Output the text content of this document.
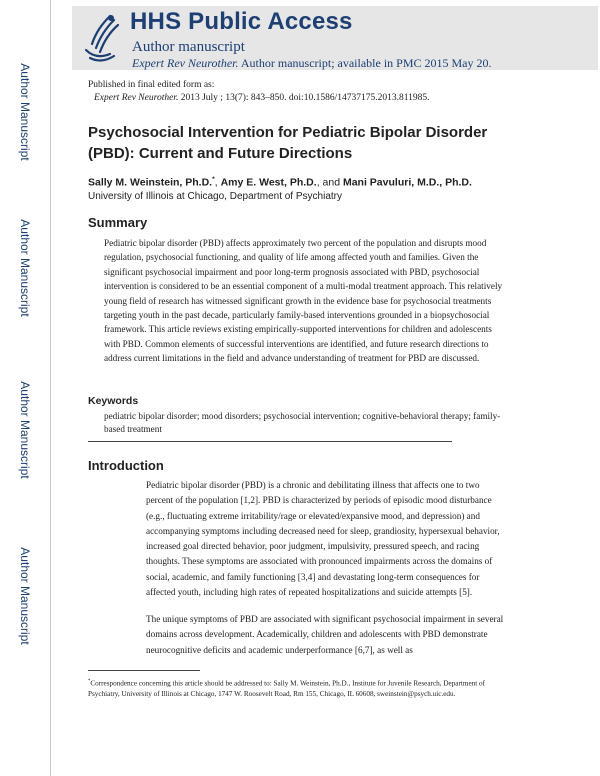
Author Manuscript
Author Manuscript
Author Manuscript
Author Manuscript
HHS Public Access
Author manuscript
Expert Rev Neurother. Author manuscript; available in PMC 2015 May 20.
Published in final edited form as:
Expert Rev Neurother. 2013 July ; 13(7): 843–850. doi:10.1586/14737175.2013.811985.
Psychosocial Intervention for Pediatric Bipolar Disorder (PBD): Current and Future Directions
Sally M. Weinstein, Ph.D.*, Amy E. West, Ph.D., and Mani Pavuluri, M.D., Ph.D.
University of Illinois at Chicago, Department of Psychiatry
Summary
Pediatric bipolar disorder (PBD) affects approximately two percent of the population and disrupts mood regulation, psychosocial functioning, and quality of life among affected youth and families. Given the significant psychosocial impairment and poor long-term prognosis associated with PBD, psychosocial intervention is considered to be an essential component of a multi-modal treatment approach. This relatively young field of research has witnessed significant growth in the evidence base for psychosocial treatments targeting youth in the past decade, particularly family-based interventions grounded in a biopsychosocial framework. This article reviews existing empirically-supported interventions for children and adolescents with PBD. Common elements of successful interventions are identified, and future research directions to address current limitations in the field and advance understanding of treatment for PBD are discussed.
Keywords
pediatric bipolar disorder; mood disorders; psychosocial intervention; cognitive-behavioral therapy; family-based treatment
Introduction
Pediatric bipolar disorder (PBD) is a chronic and debilitating illness that affects one to two percent of the population [1,2]. PBD is characterized by periods of episodic mood disturbance (e.g., fluctuating extreme irritability/rage or elevated/expansive mood, and depression) and accompanying symptoms including decreased need for sleep, grandiosity, hypersexual behavior, increased goal directed behavior, poor judgment, impulsivity, pressured speech, and racing thoughts. These symptoms are associated with pronounced impairments across the domains of social, academic, and family functioning [3,4] and devastating long-term consequences for affected youth, including high rates of repeated hospitalizations and suicide attempts [5].
The unique symptoms of PBD are associated with significant psychosocial impairment in several domains across development. Academically, children and adolescents with PBD demonstrate neurocognitive deficits and academic underperformance [6,7], as well as
*Correspondence concerning this article should be addressed to: Sally M. Weinstein, Ph.D., Institute for Juvenile Research, Department of Psychiatry, University of Illinois at Chicago, 1747 W. Roosevelt Road, Rm 155, Chicago, IL 60608, sweinstein@psych.uic.edu.
